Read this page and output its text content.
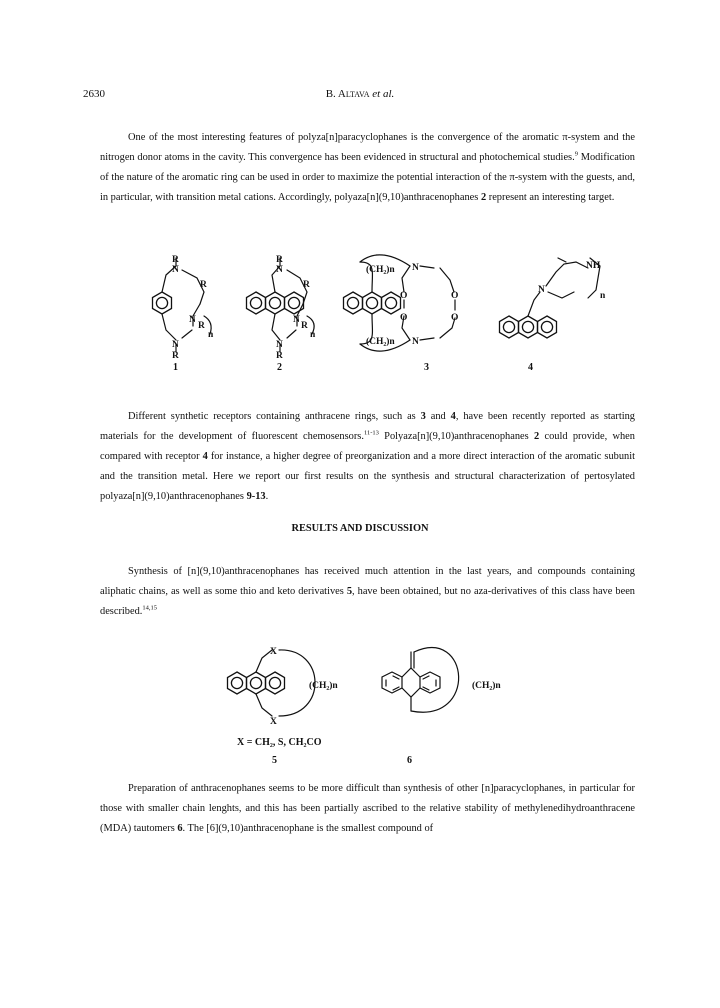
2630	B. Altava et al.

One of the most interesting features of polyza[n]paracyclophanes is the convergence of the aromatic π-system and the nitrogen donor atoms in the cavity. This convergence has been evidenced in structural and photochemical studies.$^9$ Modification of the nature of the aromatic ring can be used in order to maximize the potential interaction of the π-system with the guests, and, in particular, with transition metal cations. Accordingly, polyaza[n](9,10)anthracenophanes 2 represent an interesting target.

Different synthetic receptors containing anthracene rings, such as 3 and 4, have been recently reported as starting materials for the development of fluorescent chemosensors.$^{11-13}$ Polyaza[n](9,10)anthracenophanes 2 could provide, when compared with receptor 4 for instance, a higher degree of preorganization and a more direct interaction of the aromatic subunit and the transition metal. Here we report our first results on the synthesis and structural characterization of pertosylated polyaza[n](9,10)anthracenophanes 9-13.

RESULTS AND DISCUSSION

Synthesis of [n](9,10)anthracenophanes has received much attention in the last years, and compounds containing aliphatic chains, as well as some thio and keto derivatives 5, have been obtained, but no aza-derivatives of this class have been described.$^{14,15}$

Preparation of anthracenophanes seems to be more difficult than synthesis of other [n]paracyclophanes, in particular for those with smaller chain lenghts, and this has been partially ascribed to the relative stability of methylenedihydroanthracene (MDA) tautomers 6. The [6](9,10)anthracenophane is the smallest compound of

R
N
R
N
R
n
N
R
R
N
R
N
R
n
N
R
(CH₂)n N
O	O
O	O
(CH₂)n N
N
NH
n
1	2	3	4
X
X
(CH₂)n	(CH₂)n
X = CH₂, S, CH₂CO
5	6
